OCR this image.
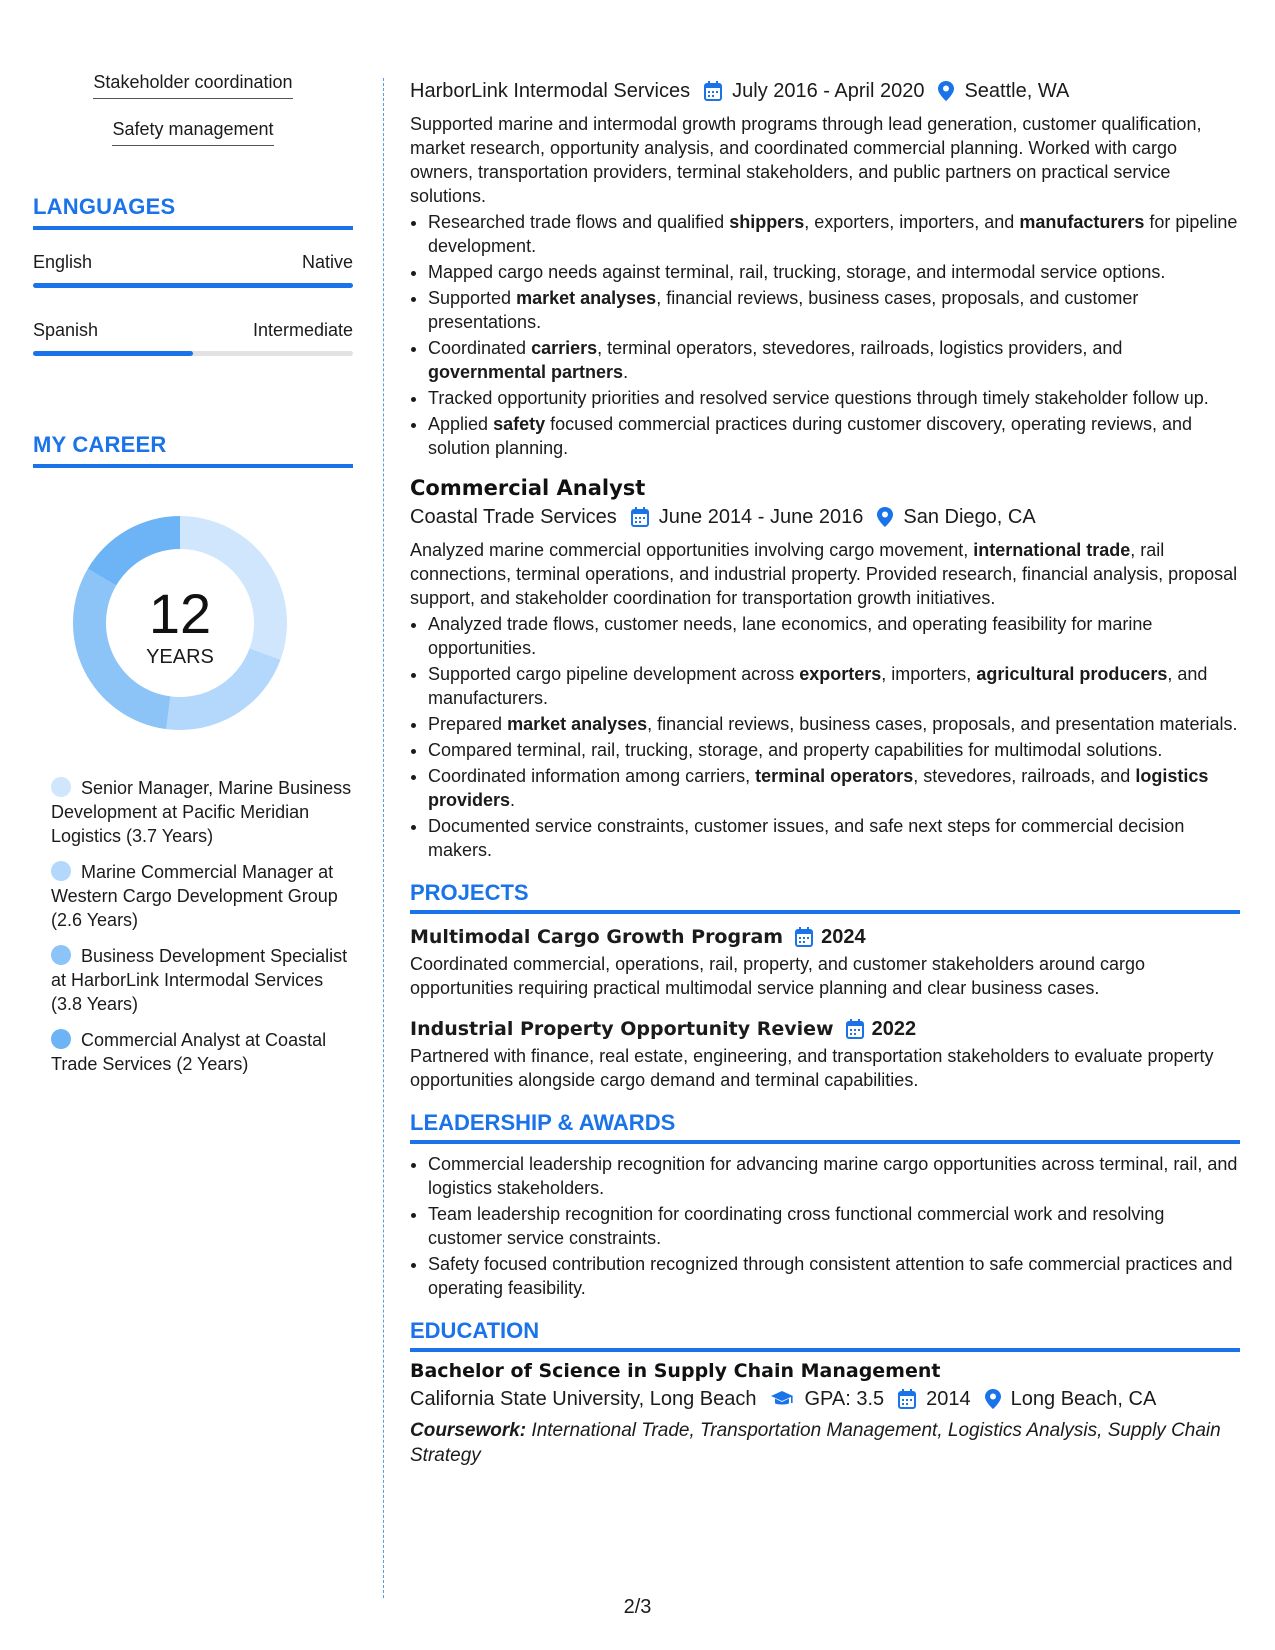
Stakeholder coordination
Safety management
LANGUAGES
English	Native
Spanish	Intermediate
MY CAREER
12
YEARS
Senior Manager, Marine Business Development at Pacific Meridian Logistics (3.7 Years)
Marine Commercial Manager at Western Cargo Development Group (2.6 Years)
Business Development Specialist at HarborLink Intermodal Services (3.8 Years)
Commercial Analyst at Coastal Trade Services (2 Years)
HarborLink Intermodal Services July 2016 - April 2020 Seattle, WA
Supported marine and intermodal growth programs through lead generation, customer qualification, market research, opportunity analysis, and coordinated commercial planning. Worked with cargo owners, transportation providers, terminal stakeholders, and public partners on practical service solutions.
• Researched trade flows and qualified shippers, exporters, importers, and manufacturers for pipeline development.
• Mapped cargo needs against terminal, rail, trucking, storage, and intermodal service options.
• Supported market analyses, financial reviews, business cases, proposals, and customer presentations.
• Coordinated carriers, terminal operators, stevedores, railroads, logistics providers, and governmental partners.
• Tracked opportunity priorities and resolved service questions through timely stakeholder follow up.
• Applied safety focused commercial practices during customer discovery, operating reviews, and solution planning.
Commercial Analyst
Coastal Trade Services June 2014 - June 2016 San Diego, CA
Analyzed marine commercial opportunities involving cargo movement, international trade, rail connections, terminal operations, and industrial property. Provided research, financial analysis, proposal support, and stakeholder coordination for transportation growth initiatives.
• Analyzed trade flows, customer needs, lane economics, and operating feasibility for marine opportunities.
• Supported cargo pipeline development across exporters, importers, agricultural producers, and manufacturers.
• Prepared market analyses, financial reviews, business cases, proposals, and presentation materials.
• Compared terminal, rail, trucking, storage, and property capabilities for multimodal solutions.
• Coordinated information among carriers, terminal operators, stevedores, railroads, and logistics providers.
• Documented service constraints, customer issues, and safe next steps for commercial decision makers.
PROJECTS
Multimodal Cargo Growth Program 2024
Coordinated commercial, operations, rail, property, and customer stakeholders around cargo opportunities requiring practical multimodal service planning and clear business cases.
Industrial Property Opportunity Review 2022
Partnered with finance, real estate, engineering, and transportation stakeholders to evaluate property opportunities alongside cargo demand and terminal capabilities.
LEADERSHIP & AWARDS
• Commercial leadership recognition for advancing marine cargo opportunities across terminal, rail, and logistics stakeholders.
• Team leadership recognition for coordinating cross functional commercial work and resolving customer service constraints.
• Safety focused contribution recognized through consistent attention to safe commercial practices and operating feasibility.
EDUCATION
Bachelor of Science in Supply Chain Management
California State University, Long Beach GPA: 3.5 2014 Long Beach, CA
Coursework: International Trade, Transportation Management, Logistics Analysis, Supply Chain Strategy
2/3
